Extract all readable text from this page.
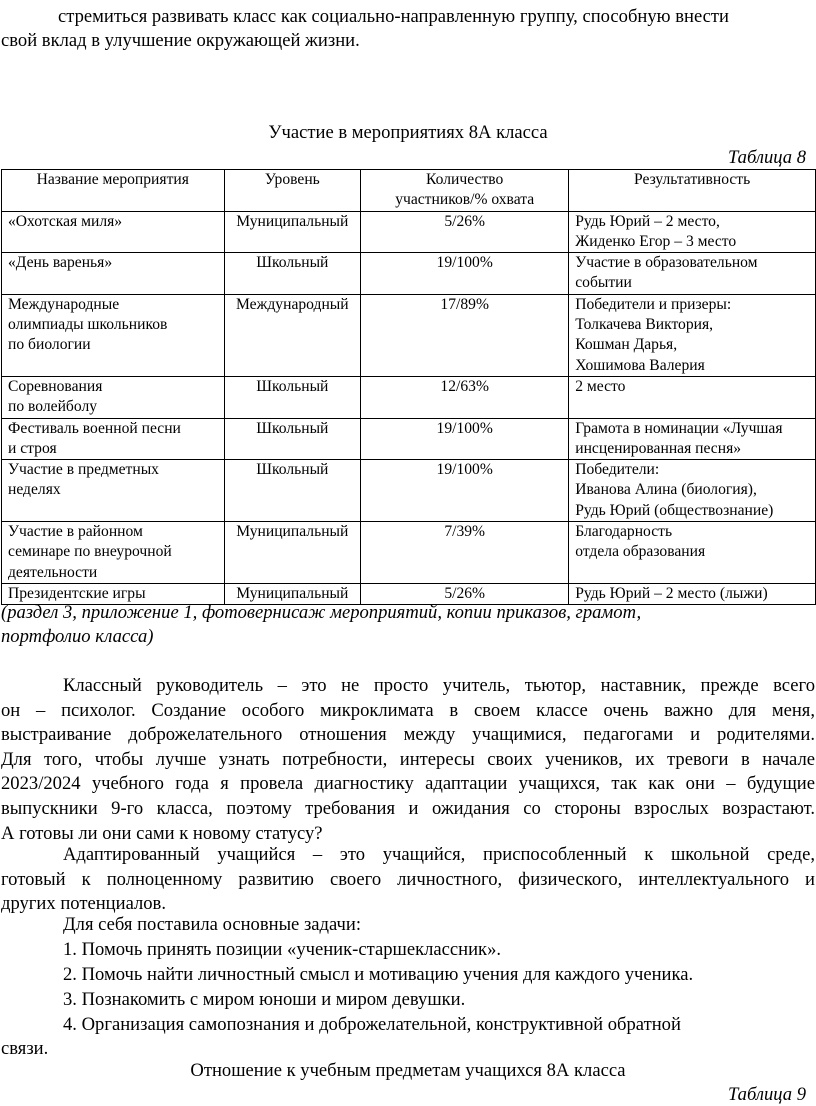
стремиться развивать класс как социально-направленную группу, способную внести

свой вклад в улучшение окружающей жизни.

Участие в мероприятиях 8А класса

Таблица 8

Название мероприятия	Уровень	Количество
участников/% охвата	Результативность

«Охотская миля»	Муниципальный	5/26%	Рудь Юрий – 2 место,
Жиденко Егор – 3 место

«День варенья»	Школьный	19/100%	Участие в образовательном
событии

Международные
олимпиады школьников
по биологии	Международный	17/89%	Победители и призеры:
Толкачева Виктория,
Кошман Дарья,
Хошимова Валерия

Соревнования
по волейболу	Школьный	12/63%	2 место

Фестиваль военной песни
и строя	Школьный	19/100%	Грамота в номинации «Лучшая
инсценированная песня»

Участие в предметных
неделях	Школьный	19/100%	Победители:
Иванова Алина (биология),
Рудь Юрий (обществознание)

Участие в районном
семинаре по внеурочной
деятельности	Муниципальный	7/39%	Благодарность
отдела образования

Президентские игры	Муниципальный	5/26%	Рудь Юрий – 2 место (лыжи)

(раздел 3, приложение 1, фотовернисаж мероприятий, копии приказов, грамот,

портфолио класса)

Классный руководитель – это не просто учитель, тьютор, наставник, прежде всего

он – психолог. Создание особого микроклимата в своем классе очень важно для меня,

выстраивание доброжелательного отношения между учащимися, педагогами и родителями.

Для того, чтобы лучше узнать потребности, интересы своих учеников, их тревоги в начале

2023/2024 учебного года я провела диагностику адаптации учащихся, так как они – будущие

выпускники 9-го класса, поэтому требования и ожидания со стороны взрослых возрастают.

А готовы ли они сами к новому статусу?

Адаптированный учащийся – это учащийся, приспособленный к школьной среде,

готовый к полноценному развитию своего личностного, физического, интеллектуального и

других потенциалов.

Для себя поставила основные задачи:

1. Помочь принять позиции «ученик-старшеклассник».

2. Помочь найти личностный смысл и мотивацию учения для каждого ученика.

3. Познакомить с миром юноши и миром девушки.

4. Организация самопознания и доброжелательной, конструктивной обратной

связи.

Отношение к учебным предметам учащихся 8А класса

Таблица 9
